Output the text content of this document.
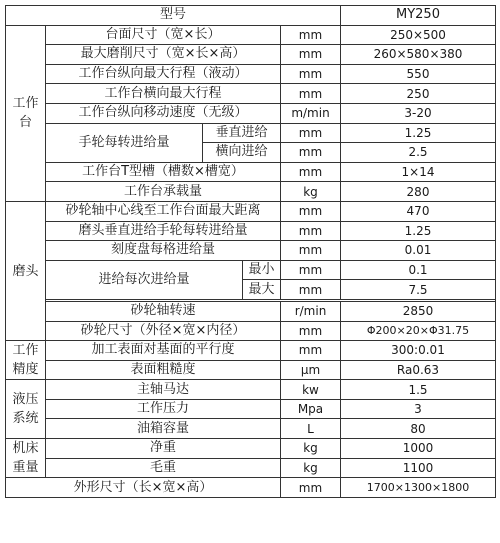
型号					MY250

工作
台	台面尺寸（宽×长）			mm	250×500
	最大磨削尺寸（宽×长×高）			mm	260×580×380
	工作台纵向最大行程（液动）			mm	550
	工作台横向最大行程			mm	250
	工作台纵向移动速度（无级）			m/min	3-20
	手轮每转进给量	垂直进给		mm	1.25
		横向进给		mm	2.5

	工作台T型槽（槽数×槽宽）			mm	1×14
	工作台承载量			kg	280

磨头	砂轮轴中心线至工作台面最大距离			mm	470
	磨头垂直进给手轮每转进给量			mm	1.25
	刻度盘每格进给量			mm	0.01
	进给每次进给量		最小	mm	0.1
			最大	mm	7.5

	砂轮轴转速			r/min	2850
	砂轮尺寸（外径×宽×内径）			mm	Φ200×20×Φ31.75

工作
精度	加工表面对基面的平行度			mm	300:0.01
	表面粗糙度			μm	Ra0.63

液压
系统	主轴马达			kw	1.5
	工作压力			Mpa	3
	油箱容量			L	80

机床
重量	净重			kg	1000
	毛重			kg	1100
外形尺寸（长×宽×高）				mm	1700×1300×1800
